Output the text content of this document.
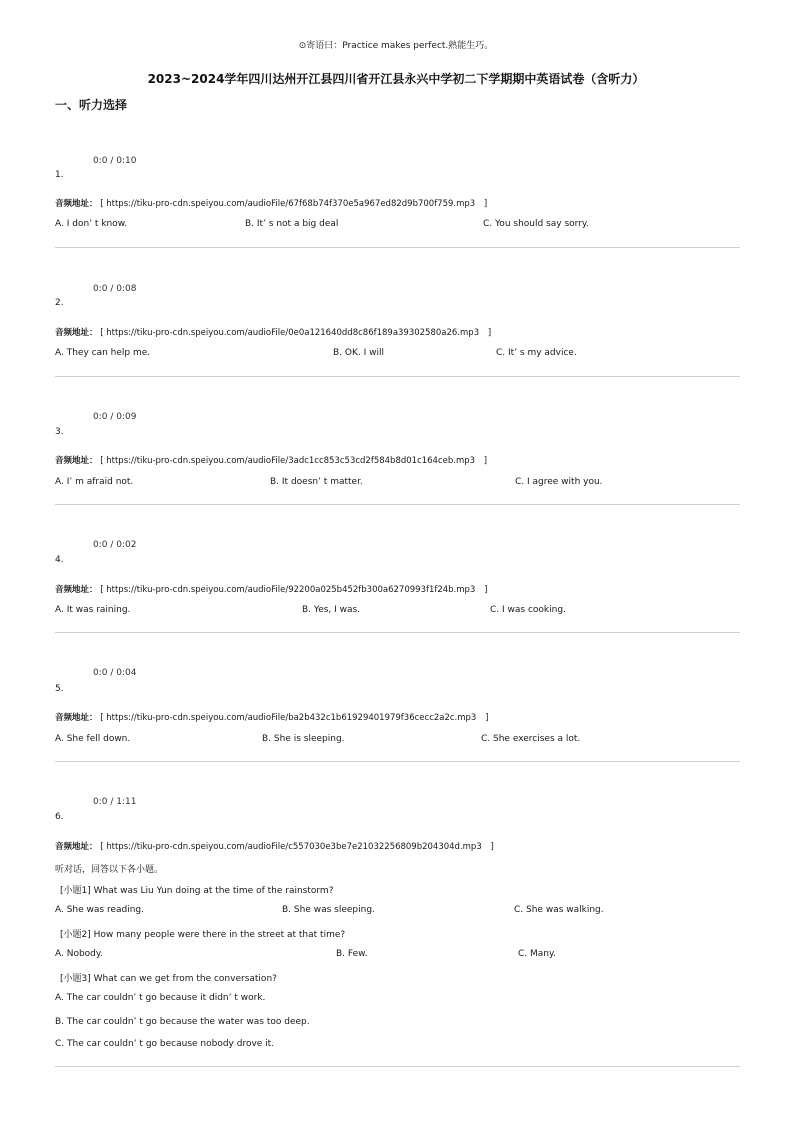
⊙寄语曰：Practice makes perfect.熟能生巧。
2023~2024学年四川达州开江县四川省开江县永兴中学初二下学期期中英语试卷（含听力）
一、听力选择
0:0 / 0:10
1.
音频地址： [ https://tiku-pro-cdn.speiyou.com/audioFile/67f68b74f370e5a967ed82d9b700f759.mp3 ]
A. I don’ t know.	B. It’ s not a big deal	C. You should say sorry.
0:0 / 0:08
2.
音频地址： [ https://tiku-pro-cdn.speiyou.com/audioFile/0e0a121640dd8c86f189a39302580a26.mp3 ]
A. They can help me.	B. OK. I will	C. It’ s my advice.
0:0 / 0:09
3.
音频地址： [ https://tiku-pro-cdn.speiyou.com/audioFile/3adc1cc853c53cd2f584b8d01c164ceb.mp3 ]
A. I’ m afraid not.	B. It doesn’ t matter.	C. I agree with you.
0:0 / 0:02
4.
音频地址： [ https://tiku-pro-cdn.speiyou.com/audioFile/92200a025b452fb300a6270993f1f24b.mp3 ]
A. It was raining.	B. Yes, I was.	C. I was cooking.
0:0 / 0:04
5.
音频地址： [ https://tiku-pro-cdn.speiyou.com/audioFile/ba2b432c1b61929401979f36cecc2a2c.mp3 ]
A. She fell down.	B. She is sleeping.	C. She exercises a lot.
0:0 / 1:11
6.
音频地址： [ https://tiku-pro-cdn.speiyou.com/audioFile/c557030e3be7e21032256809b204304d.mp3 ]
听对话，回答以下各小题。
[小题1] What was Liu Yun doing at the time of the rainstorm?
A. She was reading.	B. She was sleeping.	C. She was walking.
[小题2] How many people were there in the street at that time?
A. Nobody.	B. Few.	C. Many.
[小题3] What can we get from the conversation?
A. The car couldn’ t go because it didn’ t work.
B. The car couldn’ t go because the water was too deep.
C. The car couldn’ t go because nobody drove it.
